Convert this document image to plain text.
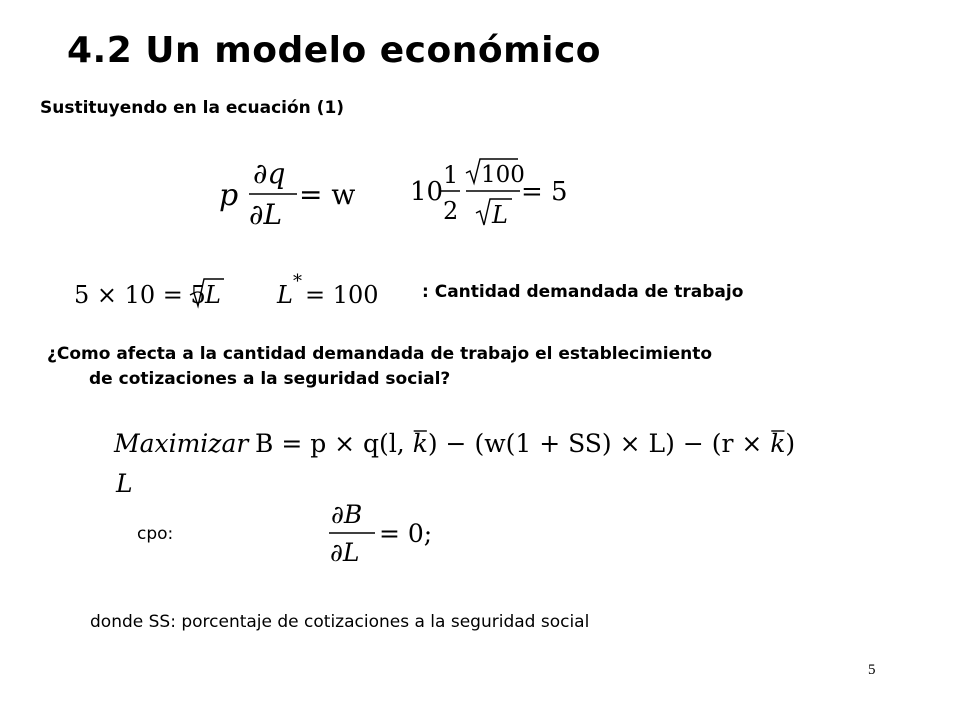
4.2 Un modelo económico
Sustituyendo en la ecuación (1)
p
∂q
∂L
= w 10
1
2
100
L
= 5
5 × 10 = 5 L L * = 100	: Cantidad demandada de trabajo
¿Como afecta a la cantidad demandada de trabajo el establecimiento
de cotizaciones a la seguridad social?
Maximizar
L
B = p × q(l, k) − (w(1 + SS) × L) − (r × k)
cpo:
∂B
∂L
= 0;
donde SS: porcentaje de cotizaciones a la seguridad social
5
